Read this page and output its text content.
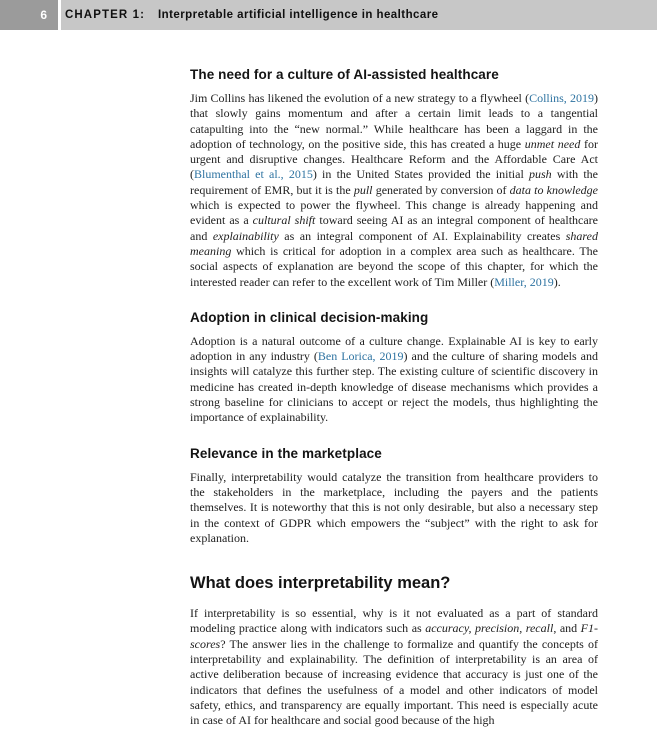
6 CHAPTER 1: Interpretable artificial intelligence in healthcare
The need for a culture of AI-assisted healthcare

Jim Collins has likened the evolution of a new strategy to a flywheel (Collins, 2019) that slowly gains momentum and after a certain limit leads to a tangential catapulting into the “new normal.” While healthcare has been a laggard in the adoption of technology, on the positive side, this has created a huge unmet need for urgent and disruptive changes. Healthcare Reform and the Affordable Care Act (Blumenthal et al., 2015) in the United States provided the initial push with the requirement of EMR, but it is the pull generated by conversion of data to knowledge which is expected to power the flywheel. This change is already happening and evident as a cultural shift toward seeing AI as an integral component of healthcare and explainability as an integral component of AI. Explainability creates shared meaning which is critical for adoption in a complex area such as healthcare. The social aspects of explanation are beyond the scope of this chapter, for which the interested reader can refer to the excellent work of Tim Miller (Miller, 2019).

Adoption in clinical decision-making

Adoption is a natural outcome of a culture change. Explainable AI is key to early adoption in any industry (Ben Lorica, 2019) and the culture of sharing models and insights will catalyze this further step. The existing culture of scientific discovery in medicine has created in-depth knowledge of disease mechanisms which provides a strong baseline for clinicians to accept or reject the models, thus highlighting the importance of explainability.

Relevance in the marketplace

Finally, interpretability would catalyze the transition from healthcare providers to the stakeholders in the marketplace, including the payers and the patients themselves. It is noteworthy that this is not only desirable, but also a necessary step in the context of GDPR which empowers the “subject” with the right to ask for explanation.

What does interpretability mean?

If interpretability is so essential, why is it not evaluated as a part of standard modeling practice along with indicators such as accuracy, precision, recall, and F1-scores? The answer lies in the challenge to formalize and quantify the concepts of interpretability and explainability. The definition of interpretability is an area of active deliberation because of increasing evidence that accuracy is just one of the indicators that defines the usefulness of a model and other indicators of model safety, ethics, and transparency are equally important. This need is especially acute in case of AI for healthcare and social good because of the high
